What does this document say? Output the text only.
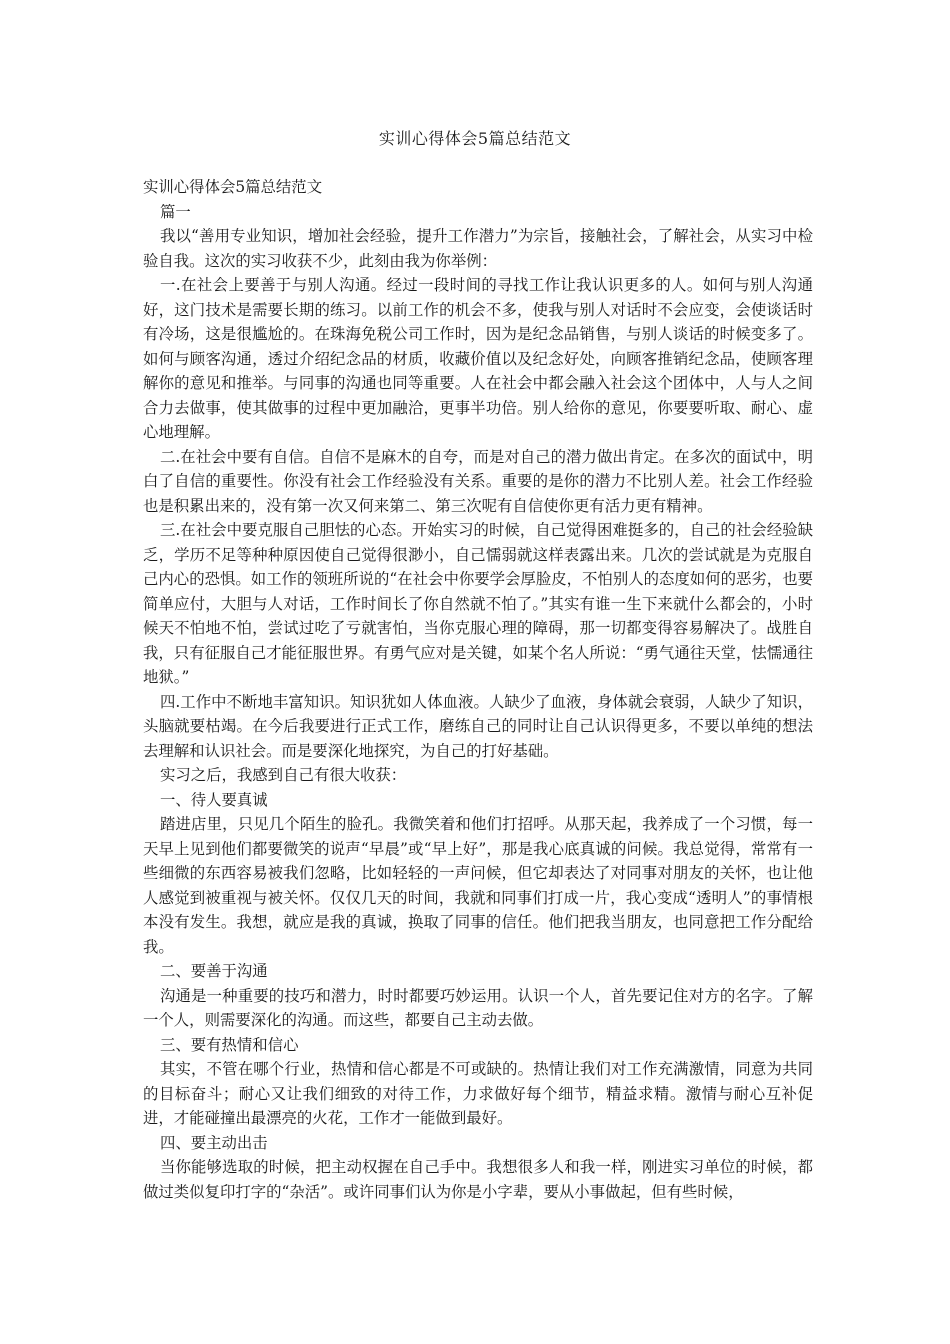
实训心得体会5篇总结范文

实训心得体会5篇总结范文

篇一

我以“善用专业知识，增加社会经验，提升工作潜力”为宗旨，接触社会，了解社会，从实习中检验自我。这次的实习收获不少，此刻由我为你举例：

一.在社会上要善于与别人沟通。经过一段时间的寻找工作让我认识更多的人。如何与别人沟通好，这门技术是需要长期的练习。以前工作的机会不多，使我与别人对话时不会应变，会使谈话时有冷场，这是很尴尬的。在珠海免税公司工作时，因为是纪念品销售，与别人谈话的时候变多了。如何与顾客沟通，透过介绍纪念品的材质，收藏价值以及纪念好处，向顾客推销纪念品，使顾客理解你的意见和推举。与同事的沟通也同等重要。人在社会中都会融入社会这个团体中，人与人之间合力去做事，使其做事的过程中更加融洽，更事半功倍。别人给你的意见，你要要听取、耐心、虚心地理解。

二.在社会中要有自信。自信不是麻木的自夸，而是对自己的潜力做出肯定。在多次的面试中，明白了自信的重要性。你没有社会工作经验没有关系。重要的是你的潜力不比别人差。社会工作经验也是积累出来的，没有第一次又何来第二、第三次呢有自信使你更有活力更有精神。

三.在社会中要克服自己胆怯的心态。开始实习的时候，自己觉得困难挺多的，自己的社会经验缺乏，学历不足等种种原因使自己觉得很渺小，自己懦弱就这样表露出来。几次的尝试就是为克服自己内心的恐惧。如工作的领班所说的“在社会中你要学会厚脸皮，不怕别人的态度如何的恶劣，也要简单应付，大胆与人对话，工作时间长了你自然就不怕了。”其实有谁一生下来就什么都会的，小时候天不怕地不怕，尝试过吃了亏就害怕，当你克服心理的障碍，那一切都变得容易解决了。战胜自我，只有征服自己才能征服世界。有勇气应对是关键，如某个名人所说：“勇气通往天堂，怯懦通往地狱。”

四.工作中不断地丰富知识。知识犹如人体血液。人缺少了血液，身体就会衰弱，人缺少了知识，头脑就要枯竭。在今后我要进行正式工作，磨练自己的同时让自己认识得更多，不要以单纯的想法去理解和认识社会。而是要深化地探究，为自己的打好基础。

实习之后，我感到自己有很大收获：

一、待人要真诚

踏进店里，只见几个陌生的脸孔。我微笑着和他们打招呼。从那天起，我养成了一个习惯，每一天早上见到他们都要微笑的说声“早晨”或“早上好”，那是我心底真诚的问候。我总觉得，常常有一些细微的东西容易被我们忽略，比如轻轻的一声问候，但它却表达了对同事对朋友的关怀，也让他人感觉到被重视与被关怀。仅仅几天的时间，我就和同事们打成一片，我心变成“透明人”的事情根本没有发生。我想，就应是我的真诚，换取了同事的信任。他们把我当朋友，也同意把工作分配给我。

二、要善于沟通

沟通是一种重要的技巧和潜力，时时都要巧妙运用。认识一个人，首先要记住对方的名字。了解一个人，则需要深化的沟通。而这些，都要自己主动去做。

三、要有热情和信心

其实，不管在哪个行业，热情和信心都是不可或缺的。热情让我们对工作充满激情，同意为共同的目标奋斗；耐心又让我们细致的对待工作，力求做好每个细节，精益求精。激情与耐心互补促进，才能碰撞出最漂亮的火花，工作才一能做到最好。

四、要主动出击

当你能够选取的时候，把主动权握在自己手中。我想很多人和我一样，刚进实习单位的时候，都做过类似复印打字的“杂活”。或许同事们认为你是小字辈，要从小事做起，但有些时候，
